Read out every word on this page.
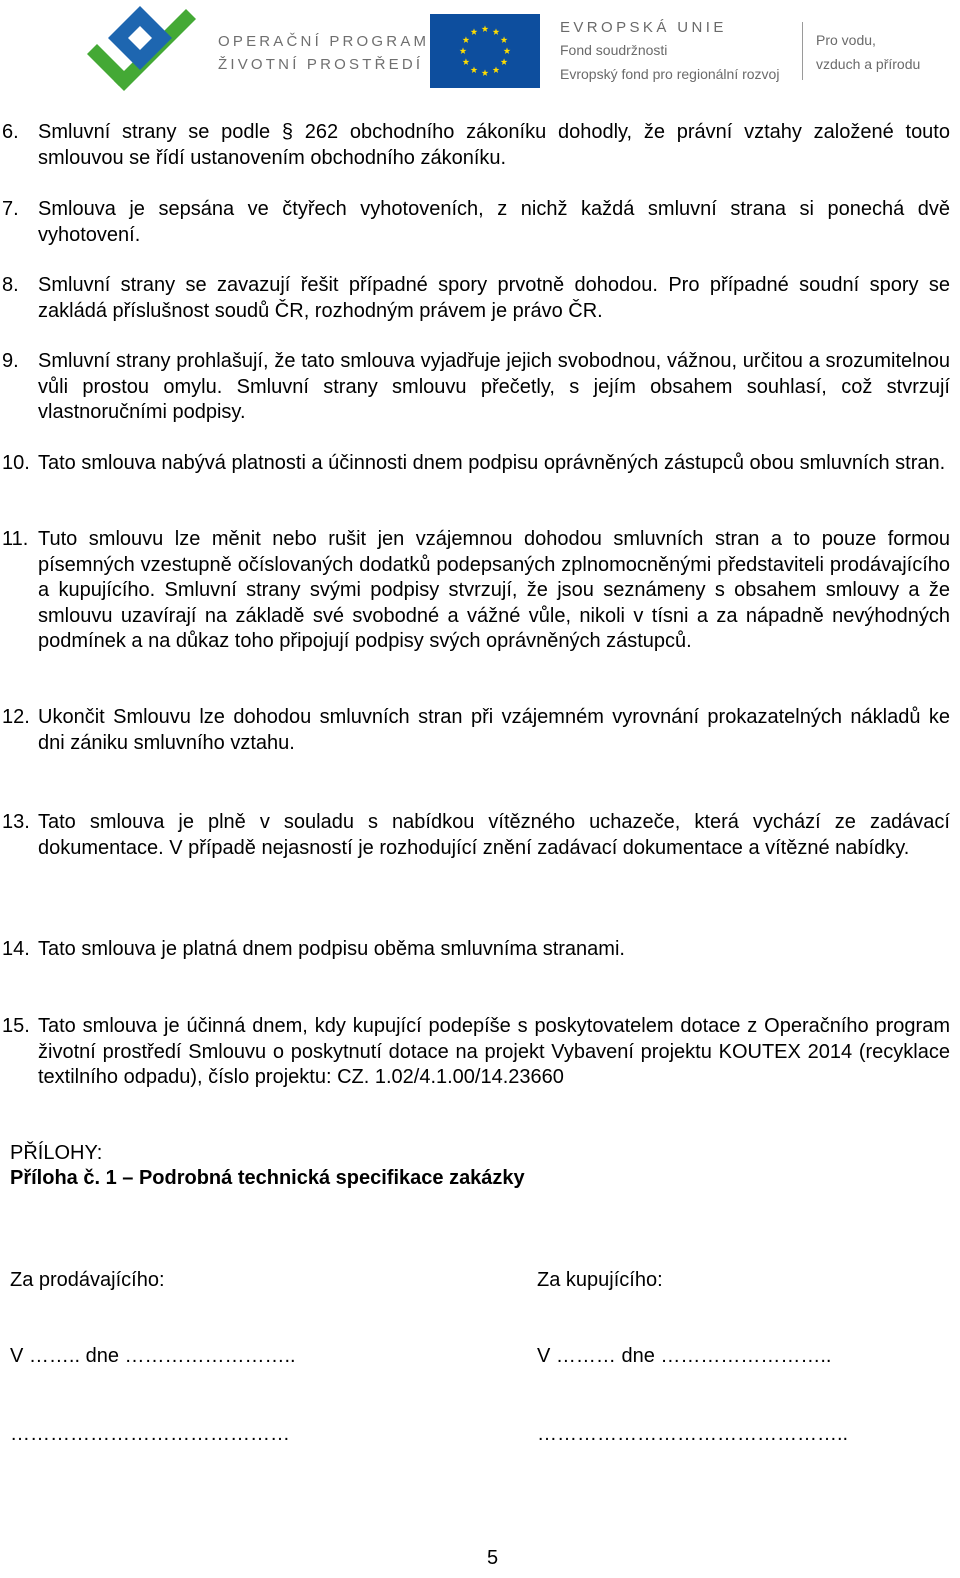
OPERAČNÍ PROGRAM
ŽIVOTNÍ PROSTŘEDÍ
EVROPSKÁ UNIE
Fond soudržnosti
Evropský fond pro regionální rozvoj
Pro vodu,
vzduch a přírodu
6. Smluvní strany se podle § 262 obchodního zákoníku dohodly, že právní vztahy založené touto smlouvou se řídí ustanovením obchodního zákoníku.
7. Smlouva je sepsána ve čtyřech vyhotoveních, z nichž každá smluvní strana si ponechá dvě vyhotovení.
8. Smluvní strany se zavazují řešit případné spory prvotně dohodou. Pro případné soudní spory se zakládá příslušnost soudů ČR, rozhodným právem je právo ČR.
9. Smluvní strany prohlašují, že tato smlouva vyjadřuje jejich svobodnou, vážnou, určitou a srozumitelnou vůli prostou omylu. Smluvní strany smlouvu přečetly, s jejím obsahem souhlasí, což stvrzují vlastnoručními podpisy.
10. Tato smlouva nabývá platnosti a účinnosti dnem podpisu oprávněných zástupců obou smluvních stran.
11. Tuto smlouvu lze měnit nebo rušit jen vzájemnou dohodou smluvních stran a to pouze formou písemných vzestupně očíslovaných dodatků podepsaných zplnomocněnými představiteli prodávajícího a kupujícího. Smluvní strany svými podpisy stvrzují, že jsou seznámeny s obsahem smlouvy a že smlouvu uzavírají na základě své svobodné a vážné vůle, nikoli v tísni a za nápadně nevýhodných podmínek a na důkaz toho připojují podpisy svých oprávněných zástupců.
12. Ukončit Smlouvu lze dohodou smluvních stran při vzájemném vyrovnání prokazatelných nákladů ke dni zániku smluvního vztahu.
13. Tato smlouva je plně v souladu s nabídkou vítězného uchazeče, která vychází ze zadávací dokumentace. V případě nejasností je rozhodující znění zadávací dokumentace a vítězné nabídky.
14. Tato smlouva je platná dnem podpisu oběma smluvníma stranami.
15. Tato smlouva je účinná dnem, kdy kupující podepíše s poskytovatelem dotace z Operačního program životní prostředí Smlouvu o poskytnutí dotace na projekt Vybavení projektu KOUTEX 2014 (recyklace textilního odpadu), číslo projektu: CZ. 1.02/4.1.00/14.23660
PŘÍLOHY:
Příloha č. 1 – Podrobná technická specifikace zakázky
Za prodávajícího:	Za kupujícího:
V …….. dne ……………………..	V ……… dne ……………………..
……………………………………	………………………………………..
5
